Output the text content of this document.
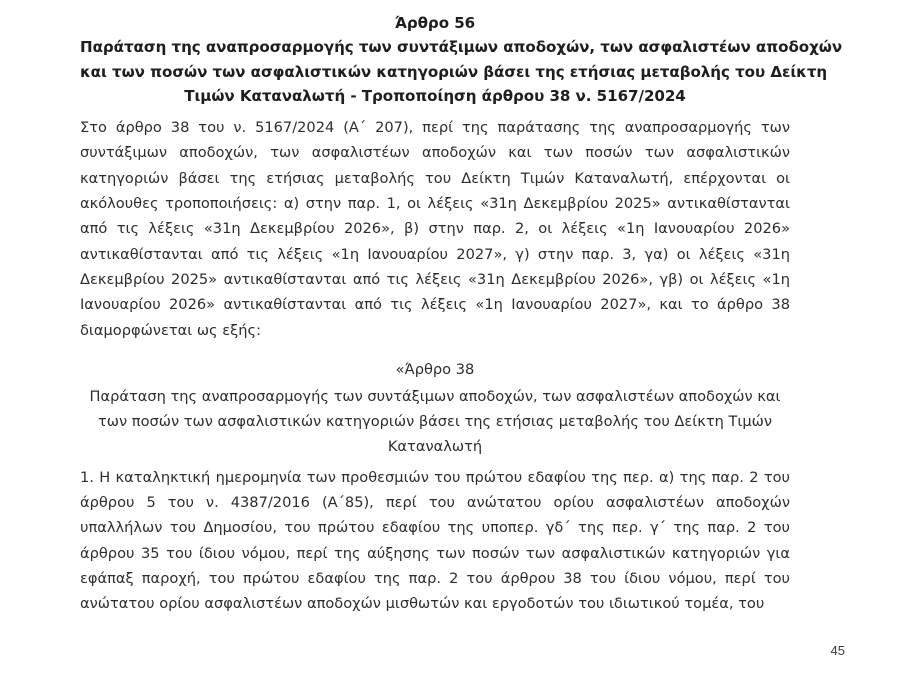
Άρθρο 56
Παράταση της αναπροσαρμογής των συντάξιμων αποδοχών, των ασφαλιστέων αποδοχών
και των ποσών των ασφαλιστικών κατηγοριών βάσει της ετήσιας μεταβολής του Δείκτη
Τιμών Καταναλωτή - Τροποποίηση άρθρου 38 ν. 5167/2024

Στο άρθρο 38 του ν. 5167/2024 (Α΄ 207), περί της παράτασης της αναπροσαρμογής των συντάξιμων αποδοχών, των ασφαλιστέων αποδοχών και των ποσών των ασφαλιστικών κατηγοριών βάσει της ετήσιας μεταβολής του Δείκτη Τιμών Καταναλωτή, επέρχονται οι ακόλουθες τροποποιήσεις: α) στην παρ. 1, οι λέξεις «31η Δεκεμβρίου 2025» αντικαθίστανται από τις λέξεις «31η Δεκεμβρίου 2026», β) στην παρ. 2, οι λέξεις «1η Ιανουαρίου 2026» αντικαθίστανται από τις λέξεις «1η Ιανουαρίου 2027», γ) στην παρ. 3, γα) οι λέξεις «31η Δεκεμβρίου 2025» αντικαθίστανται από τις λέξεις «31η Δεκεμβρίου 2026», γβ) οι λέξεις «1η Ιανουαρίου 2026» αντικαθίστανται από τις λέξεις «1η Ιανουαρίου 2027», και το άρθρο 38 διαμορφώνεται ως εξής:

«Άρθρο 38
Παράταση της αναπροσαρμογής των συντάξιμων αποδοχών, των ασφαλιστέων αποδοχών και
των ποσών των ασφαλιστικών κατηγοριών βάσει της ετήσιας μεταβολής του Δείκτη Τιμών
Καταναλωτή

1. Η καταληκτική ημερομηνία των προθεσμιών του πρώτου εδαφίου της περ. α) της παρ. 2 του άρθρου 5 του ν. 4387/2016 (Α΄85), περί του ανώτατου ορίου ασφαλιστέων αποδοχών υπαλλήλων του Δημοσίου, του πρώτου εδαφίου της υποπερ. γδ΄ της περ. γ΄ της παρ. 2 του άρθρου 35 του ίδιου νόμου, περί της αύξησης των ποσών των ασφαλιστικών κατηγοριών για εφάπαξ παροχή, του πρώτου εδαφίου της παρ. 2 του άρθρου 38 του ίδιου νόμου, περί του ανώτατου ορίου ασφαλιστέων αποδοχών μισθωτών και εργοδοτών του ιδιωτικού τομέα, του

45
